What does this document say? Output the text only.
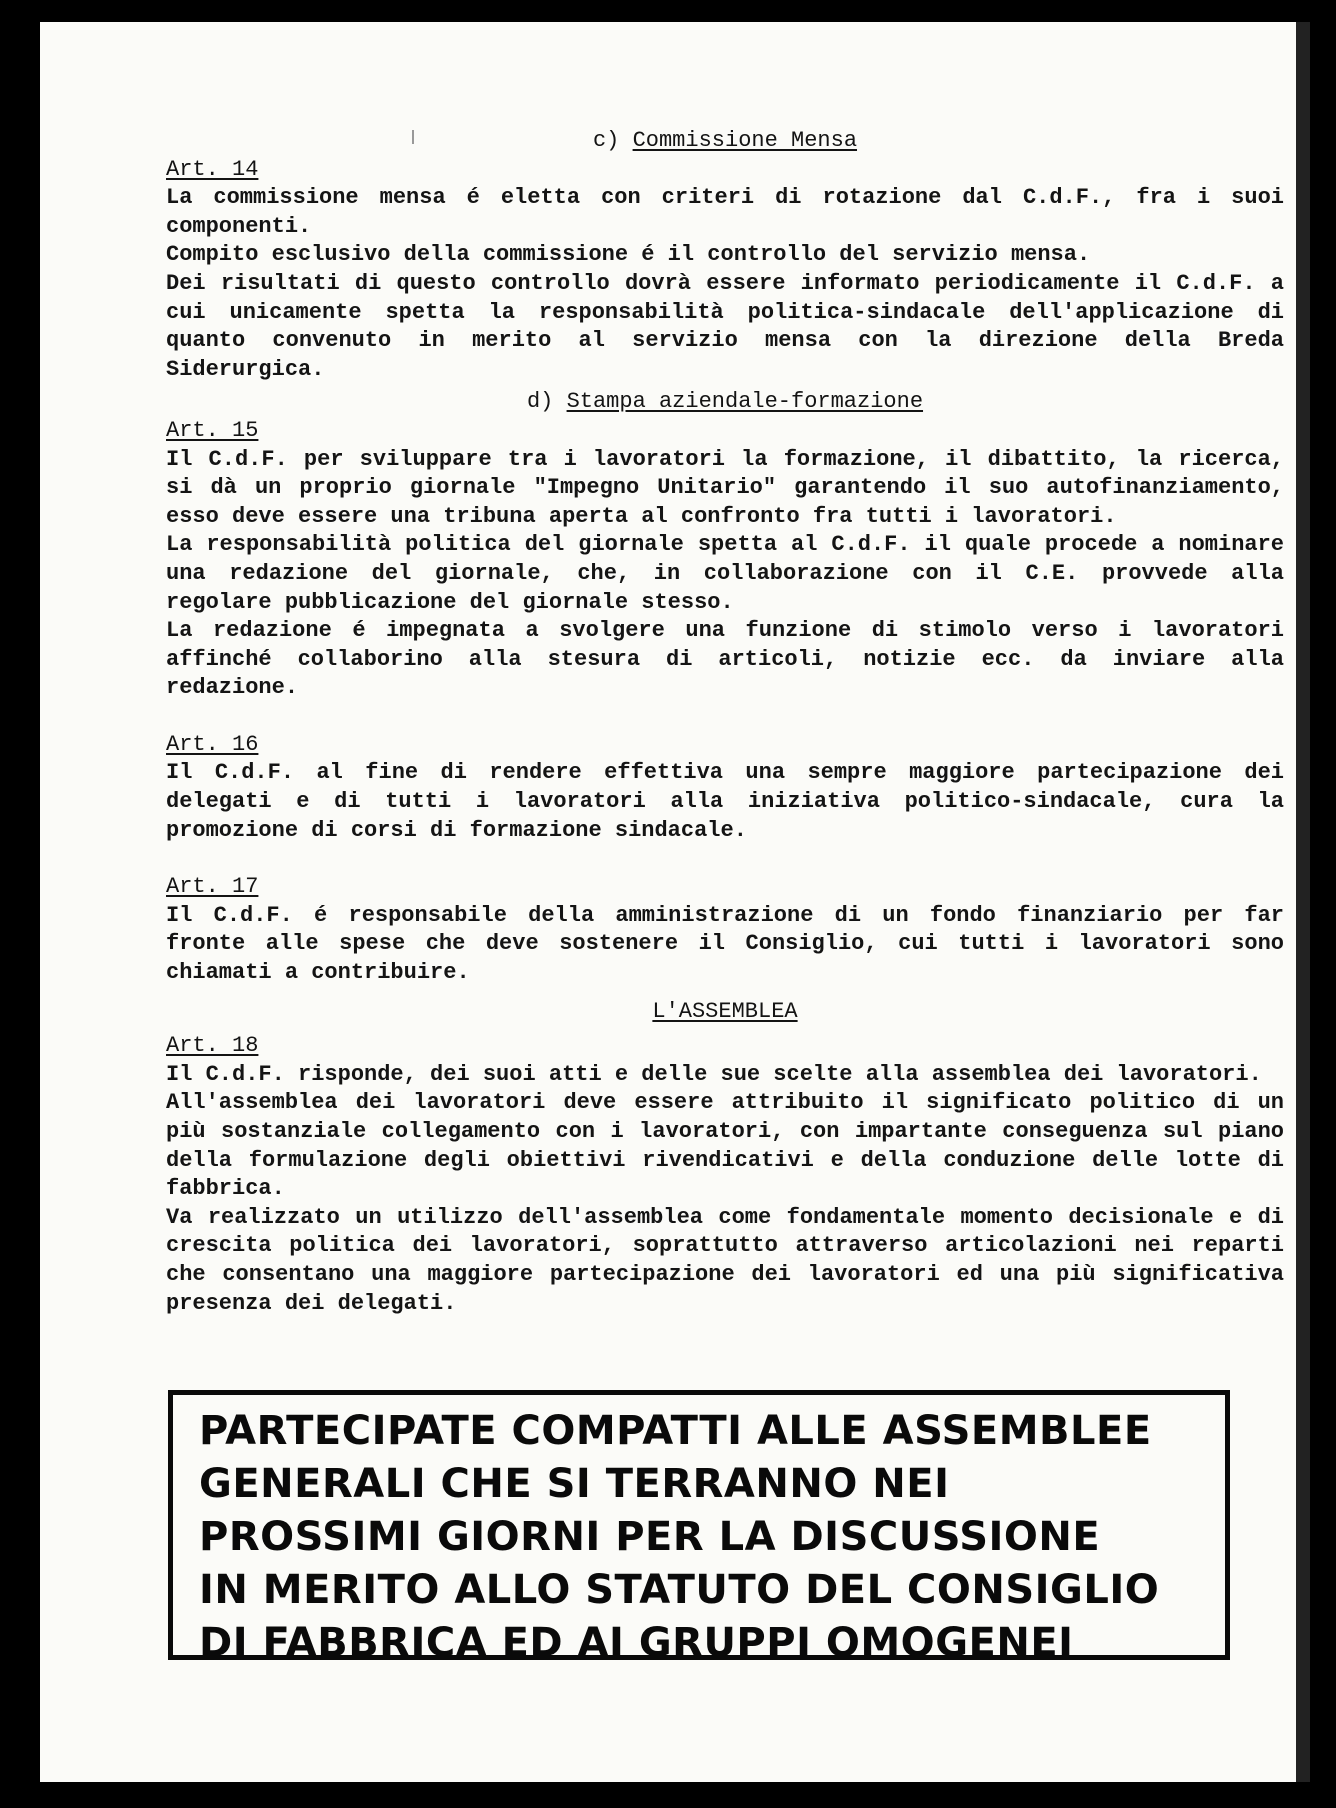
c) Commissione Mensa
Art. 14

La commissione mensa é eletta con criteri di rotazione dal C.d.F., fra i suoi componenti.

Compito esclusivo della commissione é il controllo del servizio mensa.

Dei risultati di questo controllo dovrà essere informato periodicamente il C.d.F. a cui unicamente spetta la responsabilità politica-sindacale dell'applicazione di quanto convenuto in merito al servizio mensa con la direzione della Breda Siderurgica.

d) Stampa aziendale-formazione
Art. 15

Il C.d.F. per sviluppare tra i lavoratori la formazione, il dibattito, la ricerca, si dà un proprio giornale "Impegno Unitario" garantendo il suo autofinanziamento, esso deve essere una tribuna aperta al confronto fra tutti i lavoratori.

La responsabilità politica del giornale spetta al C.d.F. il quale procede a nominare una redazione del giornale, che, in collaborazione con il C.E. provvede alla regolare pubblicazione del giornale stesso.

La redazione é impegnata a svolgere una funzione di stimolo verso i lavoratori affinché collaborino alla stesura di articoli, notizie ecc. da inviare alla redazione.

Art. 16

Il C.d.F. al fine di rendere effettiva una sempre maggiore partecipazione dei delegati e di tutti i lavoratori alla iniziativa politico-sindacale, cura la promozione di corsi di formazione sindacale.

Art. 17

Il C.d.F. é responsabile della amministrazione di un fondo finanziario per far fronte alle spese che deve sostenere il Consiglio, cui tutti i lavoratori sono chiamati a contribuire.

L'ASSEMBLEA
Art. 18

Il C.d.F. risponde, dei suoi atti e delle sue scelte alla assemblea dei lavoratori.

All'assemblea dei lavoratori deve essere attribuito il significato politico di un più sostanziale collegamento con i lavoratori, con impartante conseguenza sul piano della formulazione degli obiettivi rivendicativi e della conduzione delle lotte di fabbrica.

Va realizzato un utilizzo dell'assemblea come fondamentale momento decisionale e di crescita politica dei lavoratori, soprattutto attraverso articolazioni nei reparti che consentano una maggiore partecipazione dei lavoratori ed una più significativa presenza dei delegati.

PARTECIPATE COMPATTI ALLE ASSEMBLEE
GENERALI CHE SI TERRANNO NEI
PROSSIMI GIORNI PER LA DISCUSSIONE
IN MERITO ALLO STATUTO DEL CONSIGLIO
DI FABBRICA ED AI GRUPPI OMOGENEI
